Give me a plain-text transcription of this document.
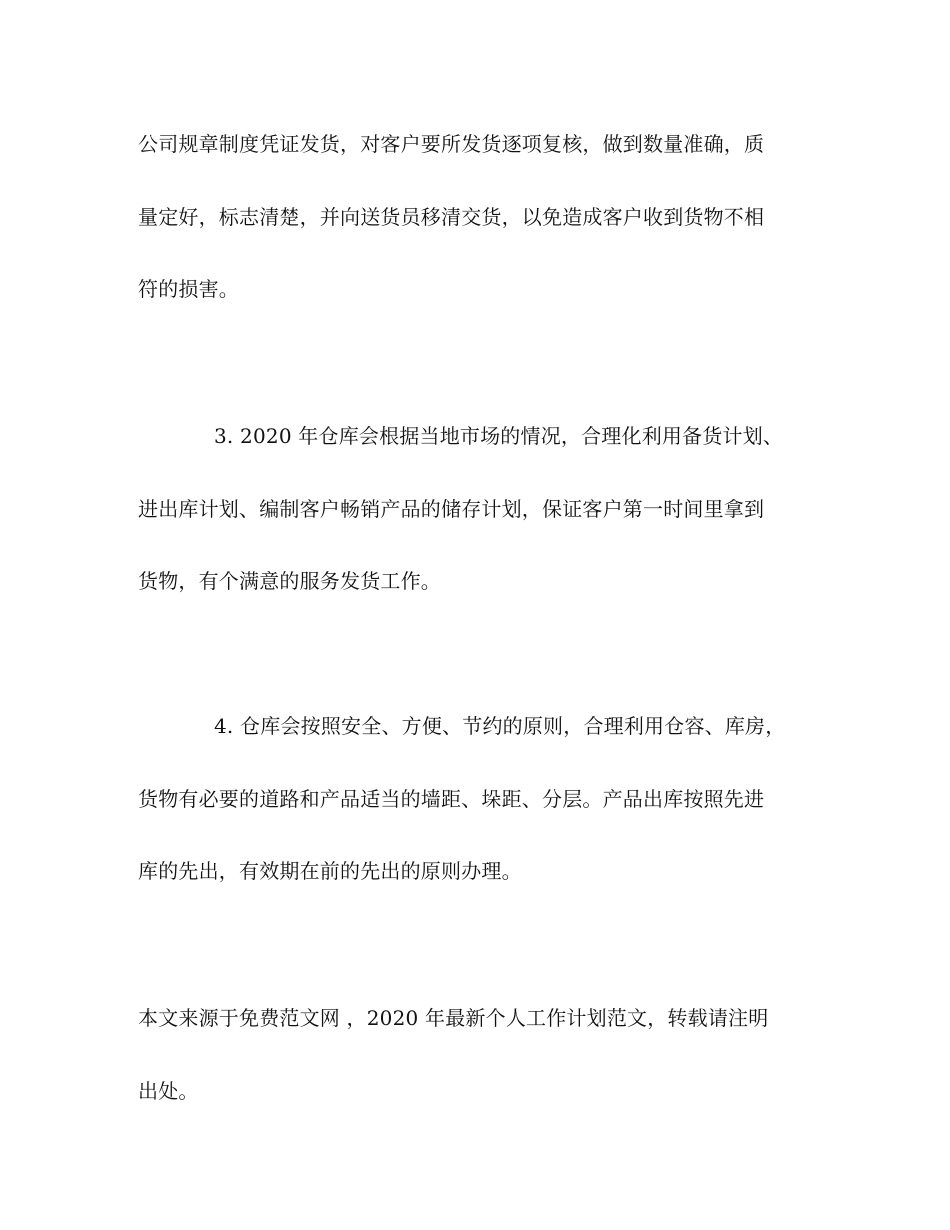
公司规章制度凭证发货，对客户要所发货逐项复核，做到数量准确，质
量定好，标志清楚，并向送货员移清交货，以免造成客户收到货物不相
符的损害。
3. 2020 年仓库会根据当地市场的情况，合理化利用备货计划、
进出库计划、编制客户畅销产品的储存计划，保证客户第一时间里拿到
货物，有个满意的服务发货工作。
4. 仓库会按照安全、方便、节约的原则，合理利用仓容、库房，
货物有必要的道路和产品适当的墙距、垛距、分层。产品出库按照先进
库的先出，有效期在前的先出的原则办理。
本文来源于免费范文网 ，2020 年最新个人工作计划范文，转载请注明
出处。
